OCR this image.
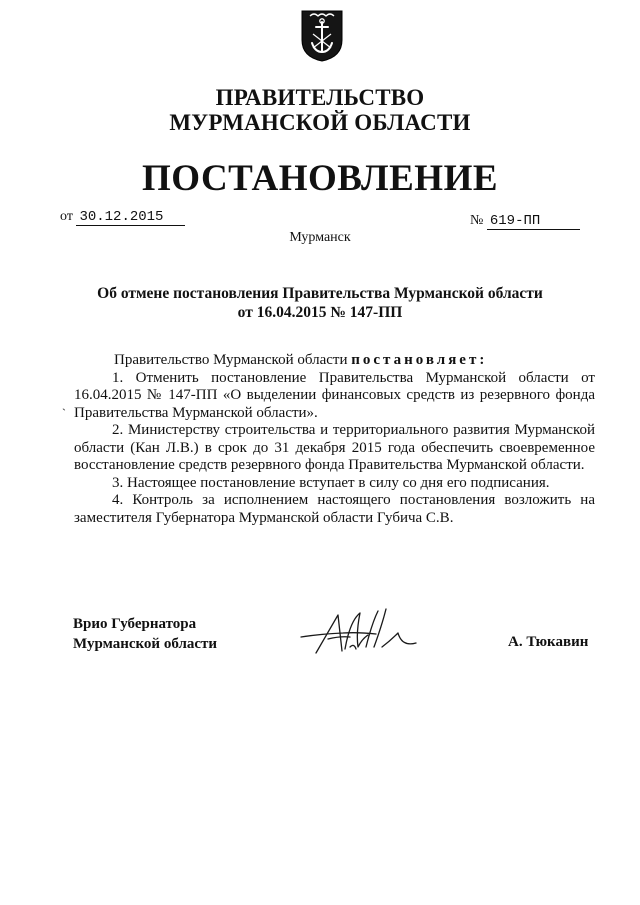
ПРАВИТЕЛЬСТВО
МУРМАНСКОЙ ОБЛАСТИ
ПОСТАНОВЛЕНИЕ
от 30.12.2015	№ 619-ПП
Мурманск
Об отмене постановления Правительства Мурманской области
от 16.04.2015 № 147-ПП
`

Правительство Мурманской области постановляет:

1. Отменить постановление Правительства Мурманской области от 16.04.2015 № 147-ПП «О выделении финансовых средств из резервного фонда Правительства Мурманской области».

2. Министерству строительства и территориального развития Мурманской области (Кан Л.В.) в срок до 31 декабря 2015 года обеспечить своевременное восстановление средств резервного фонда Правительства Мурманской области.

3. Настоящее постановление вступает в силу со дня его подписания.

4. Контроль за исполнением настоящего постановления возложить на заместителя Губернатора Мурманской области Губича С.В.

Врио Губернатора
Мурманской области	А. Тюкавин
